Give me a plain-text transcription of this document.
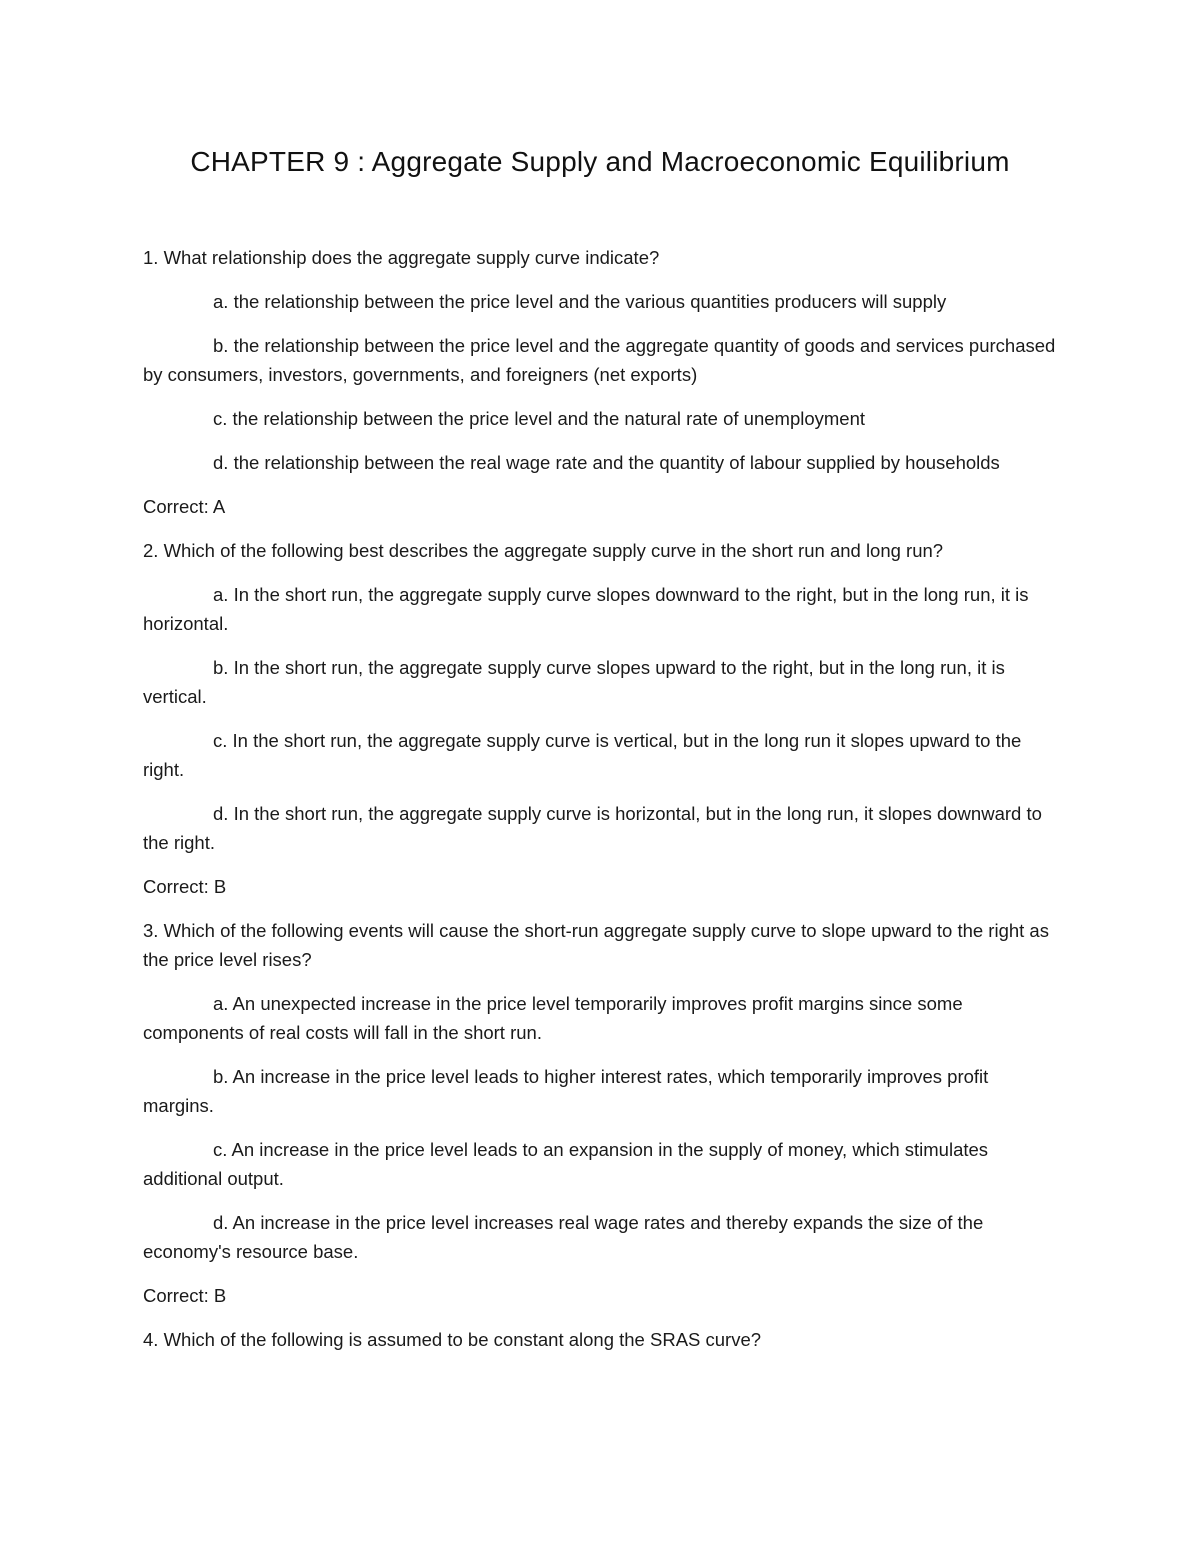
CHAPTER 9 : Aggregate Supply and Macroeconomic Equilibrium

1. What relationship does the aggregate supply curve indicate?

a. the relationship between the price level and the various quantities producers will supply

b. the relationship between the price level and the aggregate quantity of goods and services purchased by consumers, investors, governments, and foreigners (net exports)

c. the relationship between the price level and the natural rate of unemployment

d. the relationship between the real wage rate and the quantity of labour supplied by households

Correct: A

2. Which of the following best describes the aggregate supply curve in the short run and long run?

a. In the short run, the aggregate supply curve slopes downward to the right, but in the long run, it is horizontal.

b. In the short run, the aggregate supply curve slopes upward to the right, but in the long run, it is vertical.

c. In the short run, the aggregate supply curve is vertical, but in the long run it slopes upward to the right.

d. In the short run, the aggregate supply curve is horizontal, but in the long run, it slopes downward to the right.

Correct: B

3. Which of the following events will cause the short-run aggregate supply curve to slope upward to the right as the price level rises?

a. An unexpected increase in the price level temporarily improves profit margins since some components of real costs will fall in the short run.

b. An increase in the price level leads to higher interest rates, which temporarily improves profit margins.

c. An increase in the price level leads to an expansion in the supply of money, which stimulates additional output.

d. An increase in the price level increases real wage rates and thereby expands the size of the economy's resource base.

Correct: B

4. Which of the following is assumed to be constant along the SRAS curve?
